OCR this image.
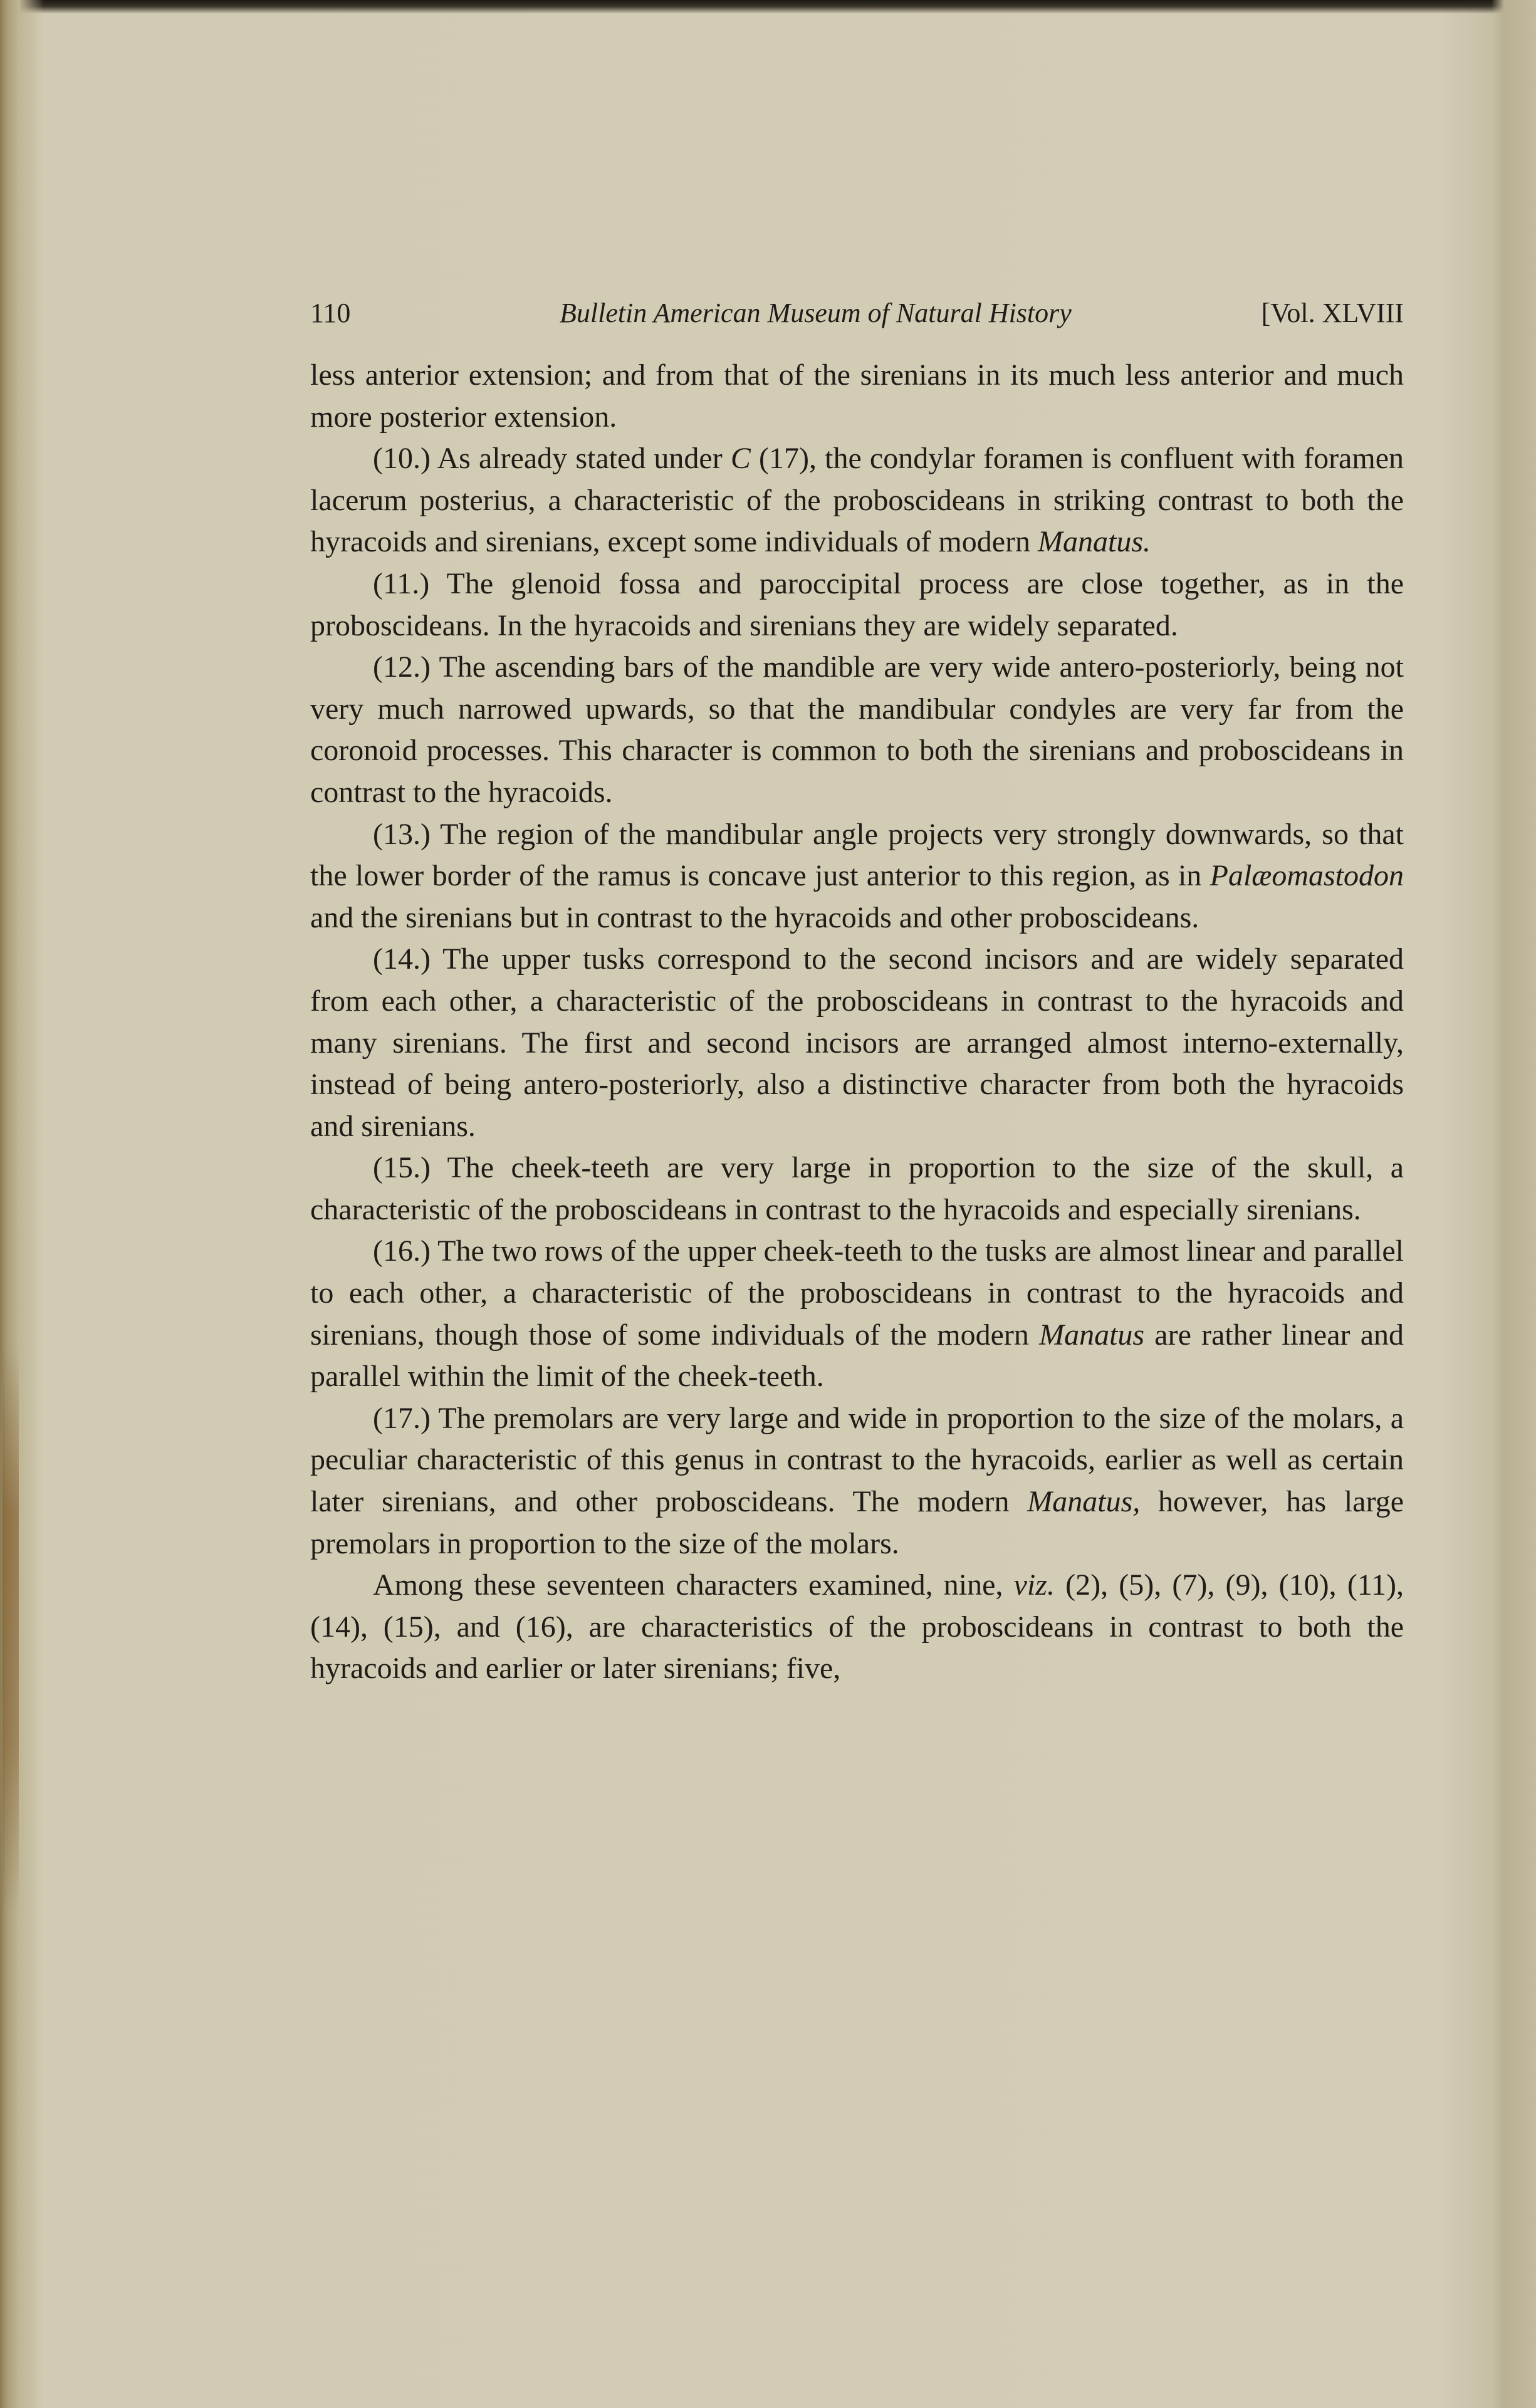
110	Bulletin American Museum of Natural History	[Vol. XLVIII

less anterior extension; and from that of the sirenians in its much less anterior and much more posterior extension.

(10.) As already stated under C (17), the condylar foramen is confluent with foramen lacerum posterius, a characteristic of the proboscideans in striking contrast to both the hyracoids and sirenians, except some individuals of modern Manatus.

(11.) The glenoid fossa and paroccipital process are close together, as in the proboscideans. In the hyracoids and sirenians they are widely separated.

(12.) The ascending bars of the mandible are very wide antero-posteriorly, being not very much narrowed upwards, so that the mandibular condyles are very far from the coronoid processes. This character is common to both the sirenians and proboscideans in contrast to the hyracoids.

(13.) The region of the mandibular angle projects very strongly downwards, so that the lower border of the ramus is concave just anterior to this region, as in Palæomastodon and the sirenians but in contrast to the hyracoids and other proboscideans.

(14.) The upper tusks correspond to the second incisors and are widely separated from each other, a characteristic of the proboscideans in contrast to the hyracoids and many sirenians. The first and second incisors are arranged almost interno-externally, instead of being antero-posteriorly, also a distinctive character from both the hyracoids and sirenians.

(15.) The cheek-teeth are very large in proportion to the size of the skull, a characteristic of the proboscideans in contrast to the hyracoids and especially sirenians.

(16.) The two rows of the upper cheek-teeth to the tusks are almost linear and parallel to each other, a characteristic of the proboscideans in contrast to the hyracoids and sirenians, though those of some individuals of the modern Manatus are rather linear and parallel within the limit of the cheek-teeth.

(17.) The premolars are very large and wide in proportion to the size of the molars, a peculiar characteristic of this genus in contrast to the hyracoids, earlier as well as certain later sirenians, and other proboscideans. The modern Manatus, however, has large premolars in proportion to the size of the molars.

Among these seventeen characters examined, nine, viz. (2), (5), (7), (9), (10), (11), (14), (15), and (16), are characteristics of the proboscideans in contrast to both the hyracoids and earlier or later sirenians; five,
